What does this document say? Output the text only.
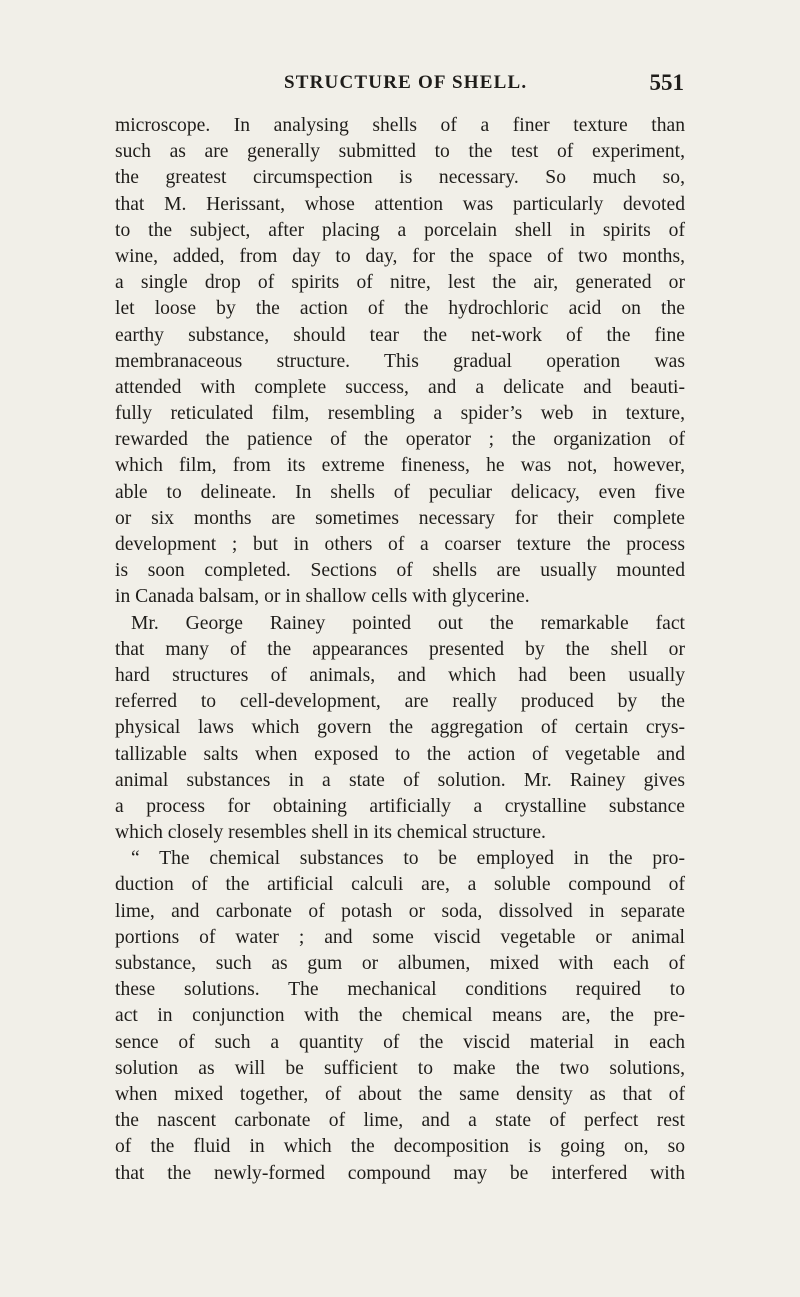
STRUCTURE OF SHELL.	551
microscope. In analysing shells of a finer texture than
such as are generally submitted to the test of experiment,
the greatest circumspection is necessary. So much so,
that M. Herissant, whose attention was particularly devoted
to the subject, after placing a porcelain shell in spirits of
wine, added, from day to day, for the space of two months,
a single drop of spirits of nitre, lest the air, generated or
let loose by the action of the hydrochloric acid on the
earthy substance, should tear the net-work of the fine
membranaceous structure. This gradual operation was
attended with complete success, and a delicate and beauti-
fully reticulated film, resembling a spider’s web in texture,
rewarded the patience of the operator ; the organization of
which film, from its extreme fineness, he was not, however,
able to delineate. In shells of peculiar delicacy, even five
or six months are sometimes necessary for their complete
development ; but in others of a coarser texture the process
is soon completed. Sections of shells are usually mounted
in Canada balsam, or in shallow cells with glycerine.
Mr. George Rainey pointed out the remarkable fact
that many of the appearances presented by the shell or
hard structures of animals, and which had been usually
referred to cell-development, are really produced by the
physical laws which govern the aggregation of certain crys-
tallizable salts when exposed to the action of vegetable and
animal substances in a state of solution. Mr. Rainey gives
a process for obtaining artificially a crystalline substance
which closely resembles shell in its chemical structure.
“ The chemical substances to be employed in the pro-
duction of the artificial calculi are, a soluble compound of
lime, and carbonate of potash or soda, dissolved in separate
portions of water ; and some viscid vegetable or animal
substance, such as gum or albumen, mixed with each of
these solutions. The mechanical conditions required to
act in conjunction with the chemical means are, the pre-
sence of such a quantity of the viscid material in each
solution as will be sufficient to make the two solutions,
when mixed together, of about the same density as that of
the nascent carbonate of lime, and a state of perfect rest
of the fluid in which the decomposition is going on, so
that the newly-formed compound may be interfered with
